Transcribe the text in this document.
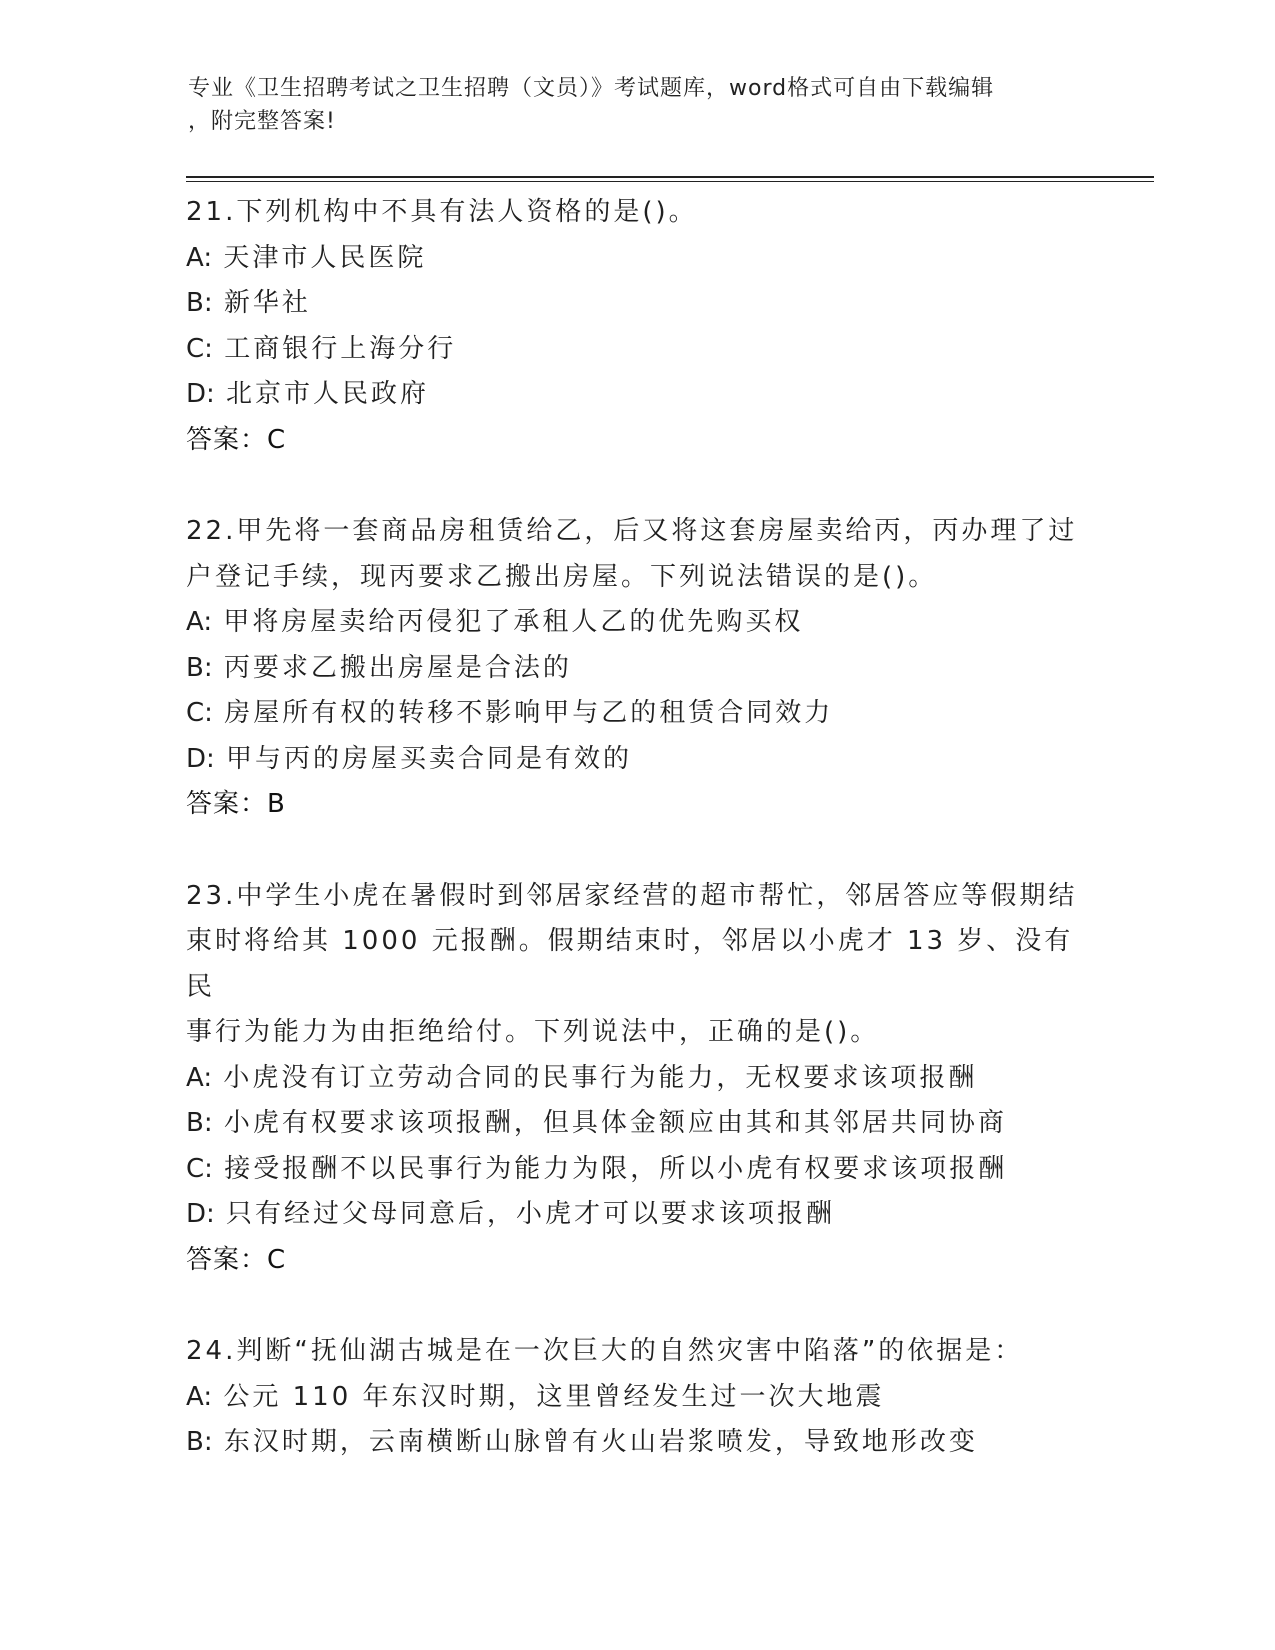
专业《卫生招聘考试之卫生招聘（文员）》考试题库，word格式可自由下载编辑
，附完整答案!
21.下列机构中不具有法人资格的是()。
A: 天津市人民医院
B: 新华社
C: 工商银行上海分行
D: 北京市人民政府
答案：C
22.甲先将一套商品房租赁给乙，后又将这套房屋卖给丙，丙办理了过
户登记手续，现丙要求乙搬出房屋。下列说法错误的是()。
A: 甲将房屋卖给丙侵犯了承租人乙的优先购买权
B: 丙要求乙搬出房屋是合法的
C: 房屋所有权的转移不影响甲与乙的租赁合同效力
D: 甲与丙的房屋买卖合同是有效的
答案：B
23.中学生小虎在暑假时到邻居家经营的超市帮忙，邻居答应等假期结
束时将给其 1000 元报酬。假期结束时，邻居以小虎才 13 岁、没有民
事行为能力为由拒绝给付。下列说法中，正确的是()。
A: 小虎没有订立劳动合同的民事行为能力，无权要求该项报酬
B: 小虎有权要求该项报酬，但具体金额应由其和其邻居共同协商
C: 接受报酬不以民事行为能力为限，所以小虎有权要求该项报酬
D: 只有经过父母同意后，小虎才可以要求该项报酬
答案：C
24.判断“抚仙湖古城是在一次巨大的自然灾害中陷落”的依据是：
A: 公元 110 年东汉时期，这里曾经发生过一次大地震
B: 东汉时期，云南横断山脉曾有火山岩浆喷发，导致地形改变
